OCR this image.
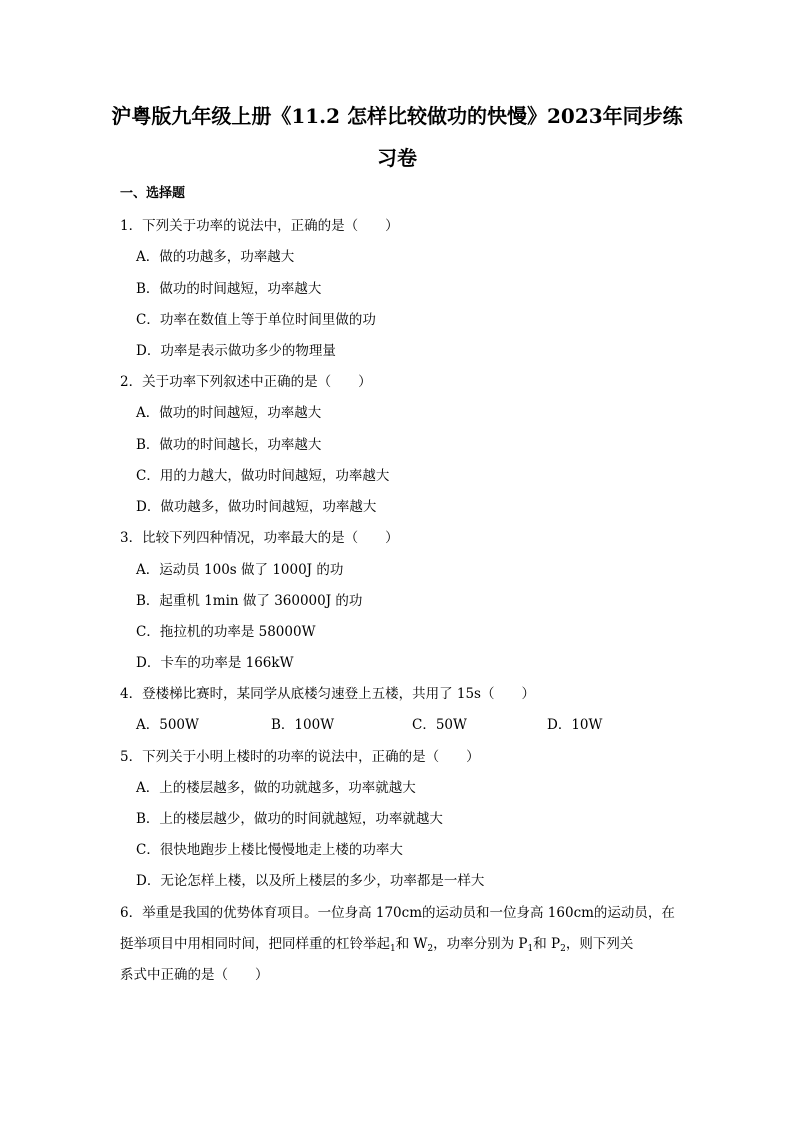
沪粤版九年级上册《11.2 怎样比较做功的快慢》2023年同步练
习卷
一、选择题
1．下列关于功率的说法中，正确的是（　　）
A．做的功越多，功率越大
B．做功的时间越短，功率越大
C．功率在数值上等于单位时间里做的功
D．功率是表示做功多少的物理量
2．关于功率下列叙述中正确的是（　　）
A．做功的时间越短，功率越大
B．做功的时间越长，功率越大
C．用的力越大，做功时间越短，功率越大
D．做功越多，做功时间越短，功率越大
3．比较下列四种情况，功率最大的是（　　）
A．运动员 100s 做了 1000J 的功
B．起重机 1min 做了 360000J 的功
C．拖拉机的功率是 58000W
D．卡车的功率是 166kW
4．登楼梯比赛时，某同学从底楼匀速登上五楼，共用了 15s（　　）
A．500W	B．100W	C．50W	D．10W
5．下列关于小明上楼时的功率的说法中，正确的是（　　）
A．上的楼层越多，做的功就越多，功率就越大
B．上的楼层越少，做功的时间就越短，功率就越大
C．很快地跑步上楼比慢慢地走上楼的功率大
D．无论怎样上楼，以及所上楼层的多少，功率都是一样大
6．举重是我国的优势体育项目。一位身高 170cm的运动员和一位身高 160cm的运动员，在
挺举项目中用相同时间，把同样重的杠铃举起$_1$和 $W_2$，功率分别为 $P_1$和 $P_2$，则下列关
系式中正确的是（　　）
